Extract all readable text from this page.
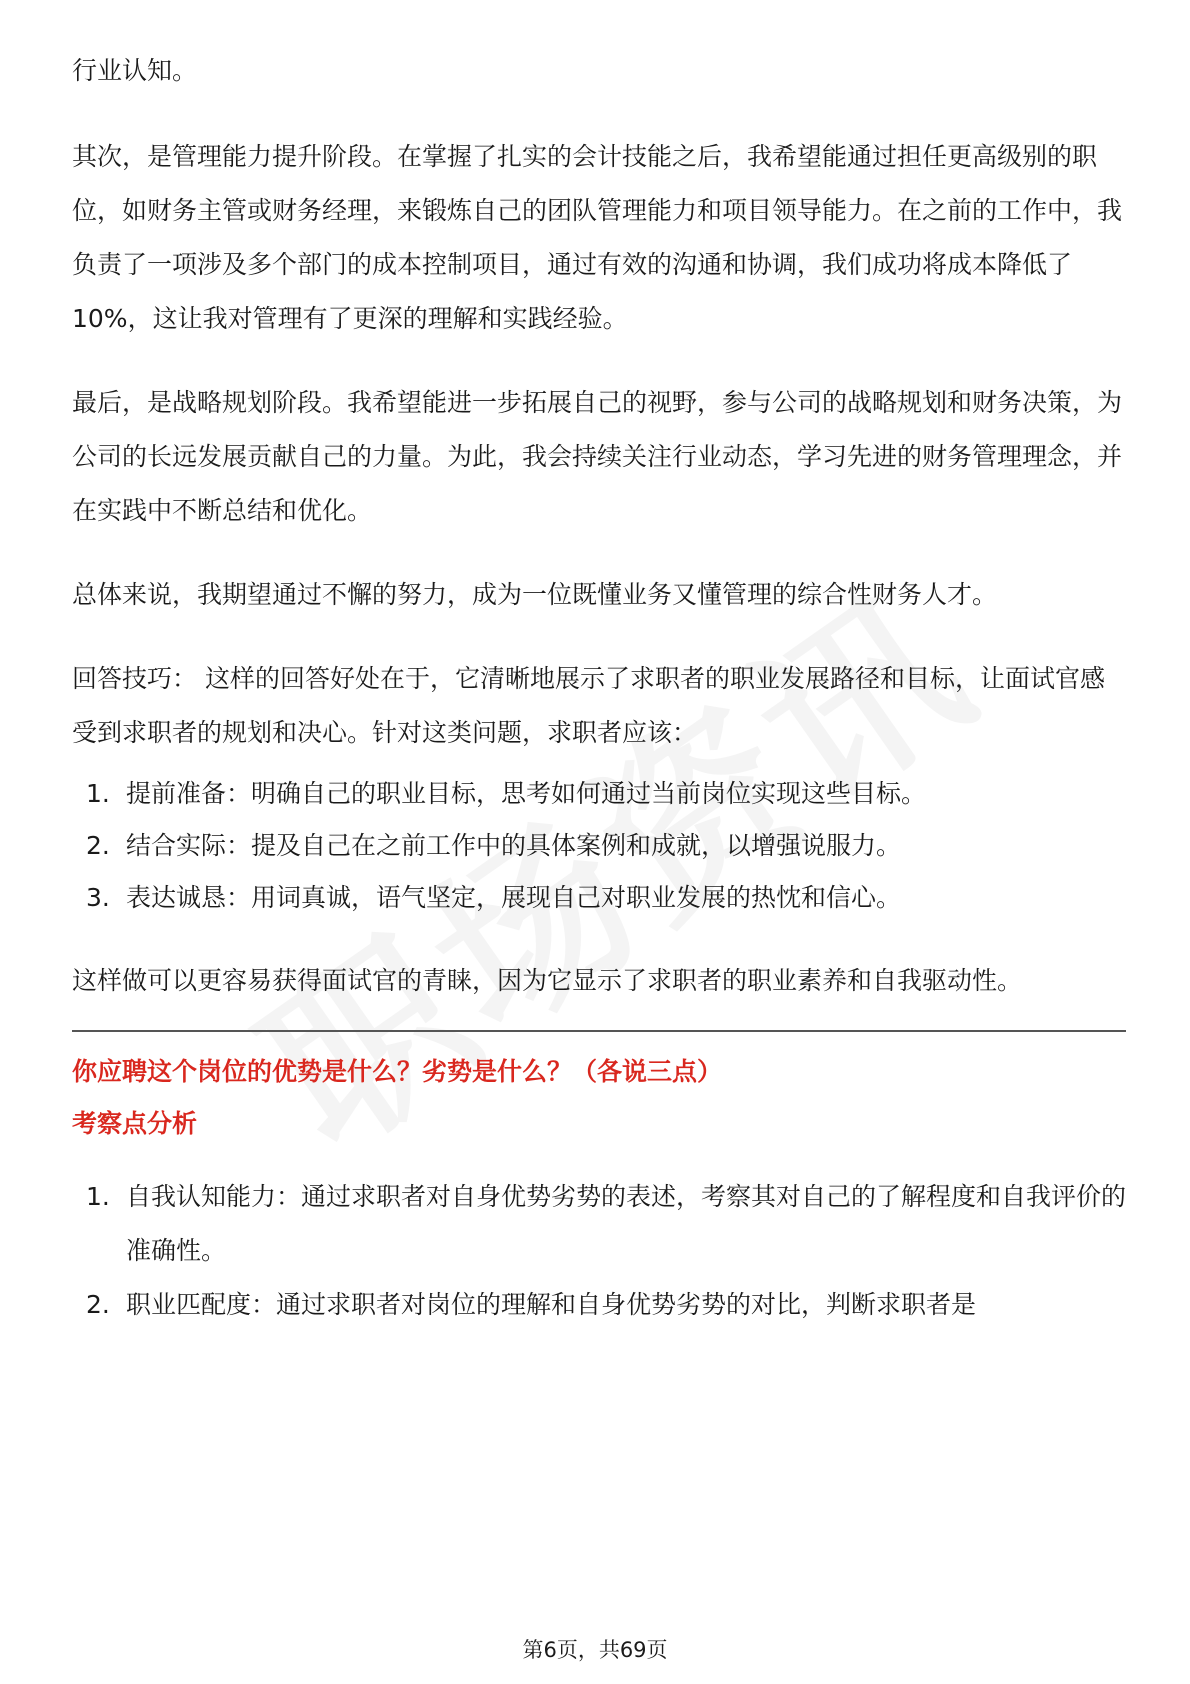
行业认知。

其次，是管理能力提升阶段。在掌握了扎实的会计技能之后，我希望能通过担任更高级别的职位，如财务主管或财务经理，来锻炼自己的团队管理能力和项目领导能力。在之前的工作中，我负责了一项涉及多个部门的成本控制项目，通过有效的沟通和协调，我们成功将成本降低了10%，这让我对管理有了更深的理解和实践经验。

最后，是战略规划阶段。我希望能进一步拓展自己的视野，参与公司的战略规划和财务决策，为公司的长远发展贡献自己的力量。为此，我会持续关注行业动态，学习先进的财务管理理念，并在实践中不断总结和优化。

总体来说，我期望通过不懈的努力，成为一位既懂业务又懂管理的综合性财务人才。

回答技巧： 这样的回答好处在于，它清晰地展示了求职者的职业发展路径和目标，让面试官感受到求职者的规划和决心。针对这类问题，求职者应该：

1. 提前准备：明确自己的职业目标，思考如何通过当前岗位实现这些目标。
2. 结合实际：提及自己在之前工作中的具体案例和成就，以增强说服力。
3. 表达诚恳：用词真诚，语气坚定，展现自己对职业发展的热忱和信心。

这样做可以更容易获得面试官的青睐，因为它显示了求职者的职业素养和自我驱动性。

你应聘这个岗位的优势是什么？劣势是什么？（各说三点）
考察点分析
1. 自我认知能力：通过求职者对自身优势劣势的表述，考察其对自己的了解程度和自我评价的准确性。
2. 职业匹配度：通过求职者对岗位的理解和自身优势劣势的对比，判断求职者是
第6页，共69页
